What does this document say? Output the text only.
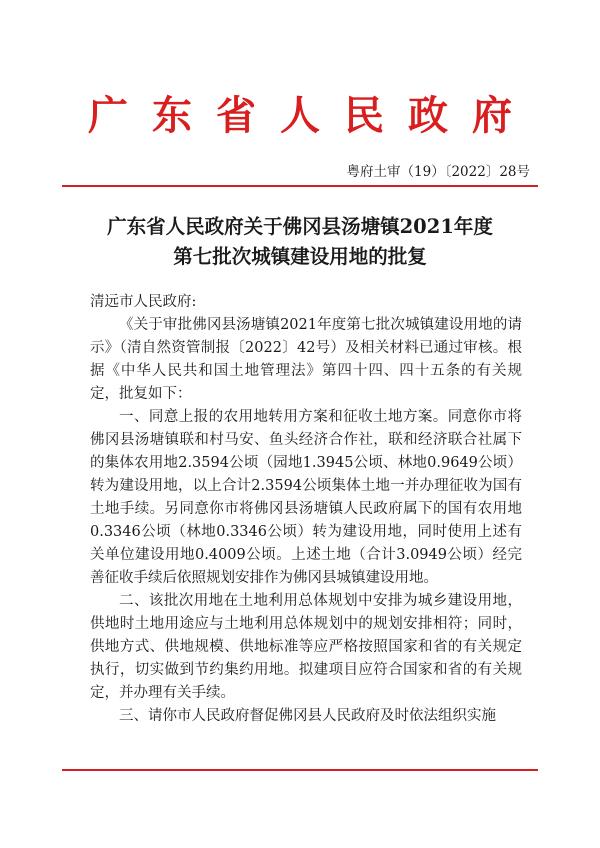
广东省人民政府
粤府土审（19）〔2022〕28号
广东省人民政府关于佛冈县汤塘镇2021年度
第七批次城镇建设用地的批复

清远市人民政府:

《关于审批佛冈县汤塘镇2021年度第七批次城镇建设用地的请示》（清自然资管制报〔2022〕42号）及相关材料已通过审核。根据《中华人民共和国土地管理法》第四十四、四十五条的有关规定，批复如下：

一、同意上报的农用地转用方案和征收土地方案。同意你市将佛冈县汤塘镇联和村马安、鱼头经济合作社，联和经济联合社属下的集体农用地2.3594公顷（园地1.3945公顷、林地0.9649公顷）转为建设用地，以上合计2.3594公顷集体土地一并办理征收为国有土地手续。另同意你市将佛冈县汤塘镇人民政府属下的国有农用地0.3346公顷（林地0.3346公顷）转为建设用地，同时使用上述有关单位建设用地0.4009公顷。上述土地（合计3.0949公顷）经完善征收手续后依照规划安排作为佛冈县城镇建设用地。

二、该批次用地在土地利用总体规划中安排为城乡建设用地，供地时土地用途应与土地利用总体规划中的规划安排相符；同时，供地方式、供地规模、供地标准等应严格按照国家和省的有关规定执行，切实做到节约集约用地。拟建项目应符合国家和省的有关规定，并办理有关手续。

三、请你市人民政府督促佛冈县人民政府及时依法组织实施
